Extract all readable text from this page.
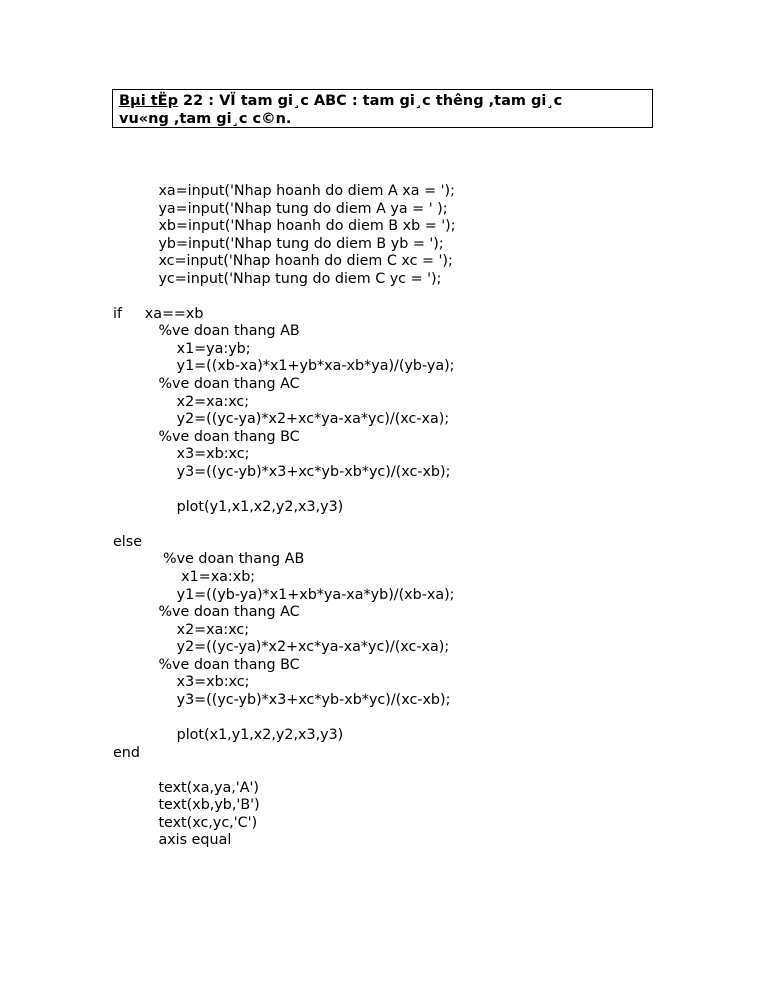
Bµi tËp 22 : VÏ tam gi¸c ABC : tam gi¸c thêng ,tam gi¸c
vu«ng ,tam gi¸c c©n.
xa=input('Nhap hoanh do diem A xa = ');
ya=input('Nhap tung do diem A ya = ' );
xb=input('Nhap hoanh do diem B xb = ');
yb=input('Nhap tung do diem B yb = ');
xc=input('Nhap hoanh do diem C xc = ');
yc=input('Nhap tung do diem C yc = ');
if     xa==xb
%ve doan thang AB
x1=ya:yb;
y1=((xb-xa)*x1+yb*xa-xb*ya)/(yb-ya);
%ve doan thang AC
x2=xa:xc;
y2=((yc-ya)*x2+xc*ya-xa*yc)/(xc-xa);
%ve doan thang BC
x3=xb:xc;
y3=((yc-yb)*x3+xc*yb-xb*yc)/(xc-xb);
plot(y1,x1,x2,y2,x3,y3)
else
%ve doan thang AB
x1=xa:xb;
y1=((yb-ya)*x1+xb*ya-xa*yb)/(xb-xa);
%ve doan thang AC
x2=xa:xc;
y2=((yc-ya)*x2+xc*ya-xa*yc)/(xc-xa);
%ve doan thang BC
x3=xb:xc;
y3=((yc-yb)*x3+xc*yb-xb*yc)/(xc-xb);
plot(x1,y1,x2,y2,x3,y3)
end
text(xa,ya,'A')
text(xb,yb,'B')
text(xc,yc,'C')
axis equal
